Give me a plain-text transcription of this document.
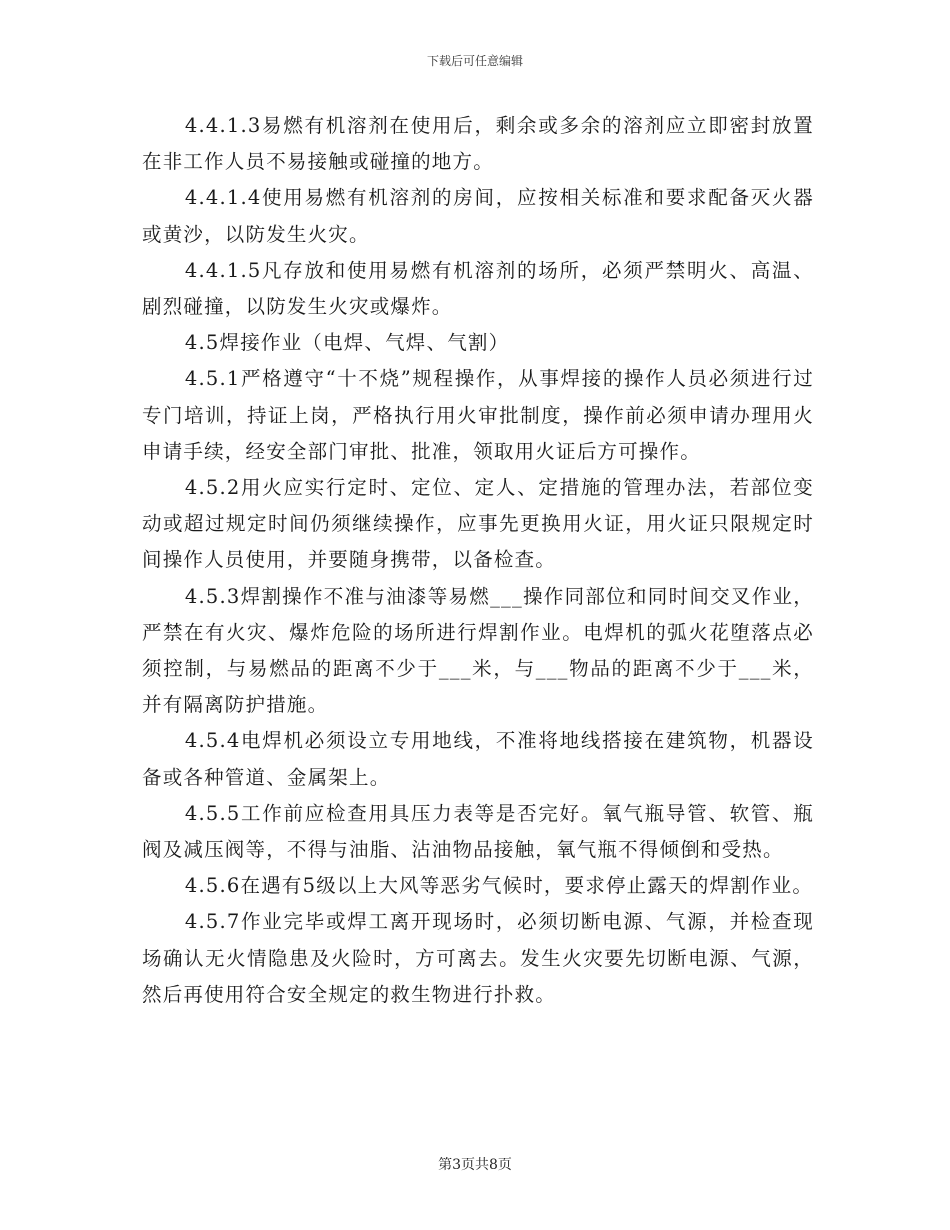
下载后可任意编辑

4.4.1.3易燃有机溶剂在使用后，剩余或多余的溶剂应立即密封放置在非工作人员不易接触或碰撞的地方。

4.4.1.4使用易燃有机溶剂的房间，应按相关标准和要求配备灭火器或黄沙，以防发生火灾。

4.4.1.5凡存放和使用易燃有机溶剂的场所，必须严禁明火、高温、剧烈碰撞，以防发生火灾或爆炸。

4.5焊接作业（电焊、气焊、气割）

4.5.1严格遵守“十不烧”规程操作，从事焊接的操作人员必须进行过专门培训，持证上岗，严格执行用火审批制度，操作前必须申请办理用火申请手续，经安全部门审批、批准，领取用火证后方可操作。

4.5.2用火应实行定时、定位、定人、定措施的管理办法，若部位变动或超过规定时间仍须继续操作，应事先更换用火证，用火证只限规定时间操作人员使用，并要随身携带，以备检查。

4.5.3焊割操作不准与油漆等易燃___操作同部位和同时间交叉作业，严禁在有火灾、爆炸危险的场所进行焊割作业。电焊机的弧火花堕落点必须控制，与易燃品的距离不少于___米，与___物品的距离不少于___米，并有隔离防护措施。

4.5.4电焊机必须设立专用地线，不准将地线搭接在建筑物，机器设备或各种管道、金属架上。

4.5.5工作前应检查用具压力表等是否完好。氧气瓶导管、软管、瓶阀及减压阀等，不得与油脂、沾油物品接触，氧气瓶不得倾倒和受热。

4.5.6在遇有5级以上大风等恶劣气候时，要求停止露天的焊割作业。

4.5.7作业完毕或焊工离开现场时，必须切断电源、气源，并检查现场确认无火情隐患及火险时，方可离去。发生火灾要先切断电源、气源，然后再使用符合安全规定的救生物进行扑救。

第3页共8页
